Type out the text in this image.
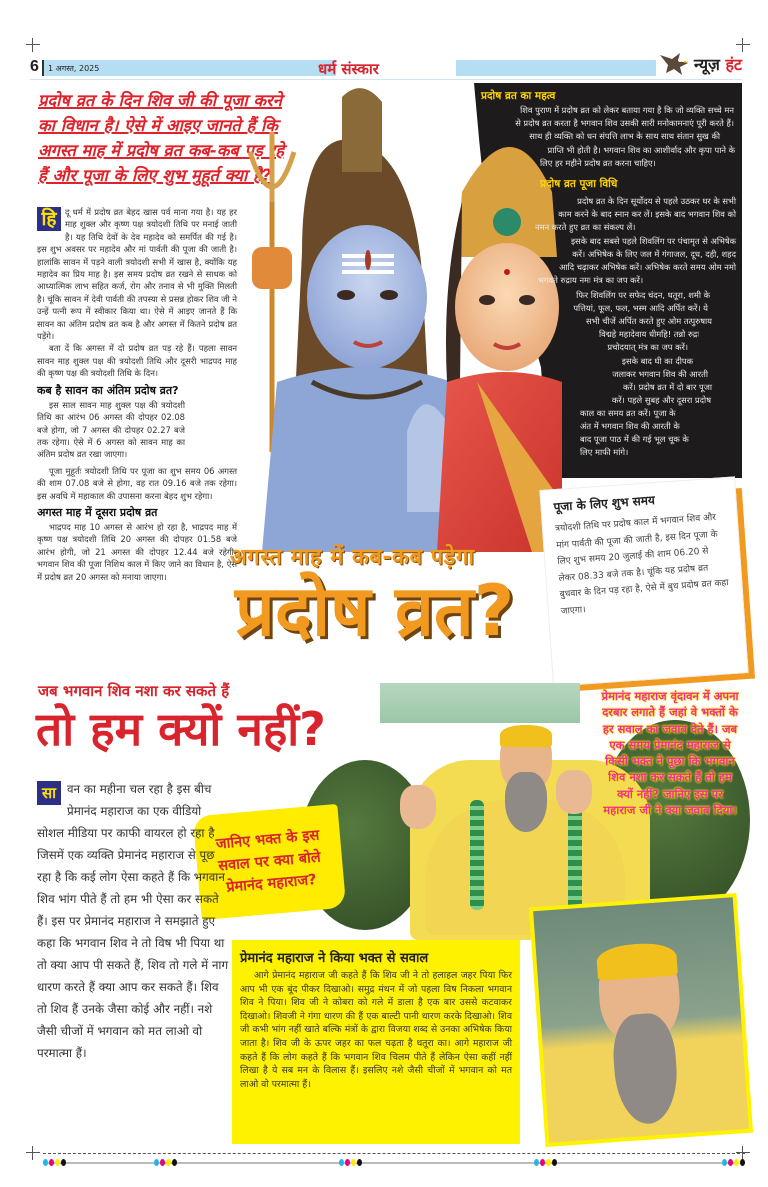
6 1 अगस्त, 2025	धर्म संस्कार	न्यूज़ हंट
प्रदोष व्रत के दिन शिव जी की पूजा करने का विधान है। ऐसे में आइए जानते हैं कि अगस्त माह में प्रदोष व्रत कब-कब पड़ रहे हैं और पूजा के लिए शुभ मुहूर्त क्या है?
प्रदोष व्रत का महत्व
शिव पुराण में प्रदोष व्रत को लेकर बताया गया है कि जो व्यक्ति सच्चे मन
से प्रदोष व्रत करता है भगवान शिव उसकी सारी मनोकामनाएं पूरी करते हैं।
साथ ही व्यक्ति को धन संपत्ति लाभ के साथ साथ संतान सुख की
प्राप्ति भी होती है। भगवान शिव का आशीर्वाद और कृपा पाने के
लिए हर महीने प्रदोष व्रत करना चाहिए।
प्रदोष व्रत पूजा विधि
प्रदोष व्रत के दिन सूर्योदय से पहले उठकर घर के सभी
काम करने के बाद स्नान कर लें। इसके बाद भगवान शिव को
नमन करते हुए व्रत का संकल्प लें।
इसके बाद सबसे पहले शिवलिंग पर पंचामृत से अभिषेक
करें। अभिषेक के लिए जल में गंगाजल, दूध, दही, शहद
आदि चढ़ाकर अभिषेक करें। अभिषेक करते समय ओम नमो
भगवते रुद्राय नमः मंत्र का जप करें।
फिर शिवलिंग पर सफेद चंदन, धतूरा, शमी के
पत्तियां, फूल, फल, भस्म आदि अर्पित करें। ये
सभी चीजें अर्पित करते हुए ओम तत्पुरुषाय
विद्महे महादेवाय धीमहि! तन्नो रुद्रः
प्रचोदयात् मंत्र का जप करें।
इसके बाद घी का दीपक
जलाकर भगवान शिव की आरती
करें। प्रदोष व्रत में दो बार पूजा
करें। पहले सुबह और दूसरा प्रदोष
काल का समय व्रत करें। पूजा के
अंत में भगवान शिव की आरती के
बाद पूजा पाठ में की गई भूल चूक के
लिए माफी मांगे।

हि	दू धर्म में प्रदोष व्रत बेहद खास पर्व माना गया है। यह हर माह शुक्ल और कृष्ण पक्ष त्रयोदशी तिथि पर मनाई जाती है। यह तिथि देवों के देव महादेव को समर्पित की गई है। इस शुभ अवसर पर महादेव और मां पार्वती की पूजा की जाती है। हालांकि सावन में पड़ने वाली त्रयोदशी सभी में खास है, क्योंकि यह महादेव का प्रिय माह है। इस समय प्रदोष व्रत रखने से साधक को आध्यात्मिक लाभ सहित कर्ज, रोग और तनाव से भी मुक्ति मिलती है। चूंकि सावन में देवी पार्वती की तपस्या से प्रसन्न होकर शिव जी ने उन्हें पत्नी रूप में स्वीकार किया था। ऐसे में आइए जानते हैं कि सावन का अंतिम प्रदोष व्रत कब है और अगस्त में कितने प्रदोष व्रत पड़ेंगे।

बता दें कि अगस्त में दो प्रदोष व्रत पड़ रहे हैं। पहला सावन सावन माह शुक्ल पक्ष की त्रयोदशी तिथि और दूसरी भाद्रपद माह की कृष्ण पक्ष की त्रयोदशी तिथि के दिन।

कब है सावन का अंतिम प्रदोष व्रत?

इस साल सावन माह शुक्ल पक्ष की त्रयोदशी तिथि का आरंभ 06 अगस्त की दोपहर 02.08 बजे होगा, जो 7 अगस्त की दोपहर 02.27 बजे तक रहेगा। ऐसे में 6 अगस्त को सावन माह का अंतिम प्रदोष व्रत रखा जाएगा।

पूजा मुहूर्तः त्रयोदशी तिथि पर पूजा का शुभ समय 06 अगस्त की शाम 07.08 बजे से होगा, वह रात 09.16 बजे तक रहेगा। इस अवधि में महाकाल की उपासना करना बेहद शुभ रहेगा।

अगस्त माह में दूसरा प्रदोष व्रत

भाद्रपद माह 10 अगस्त से आरंभ हो रहा है, भाद्रपद माह में कृष्ण पक्ष त्रयोदशी तिथि 20 अगस्त की दोपहर 01.58 बजे आरंभ होगी, जो 21 अगस्त की दोपहर 12.44 बजे रहेगी। भगवान शिव की पूजा निशिथ काल में किए जाने का विधान है, ऐसे में प्रदोष व्रत 20 अगस्त को मनाया जाएगा।

पूजा के लिए शुभ समय
त्रयोदशी तिथि पर प्रदोष काल में भगवान शिव और मांग पार्वती की पूजा की जाती है, इस दिन पूजा के लिए शुभ समय 20 जुलाई की शाम 06.20 से लेकर 08.33 बजे तक है। चूंकि यह प्रदोष व्रत बुधवार के दिन पड़ रहा है, ऐसे में बुध प्रदोष व्रत कहा जाएगा।
अगस्त माह में कब-कब पड़ेगा
प्रदोष व्रत?
जब भगवान शिव नशा कर सकते हैं
तो हम क्यों नहीं?
जानिए भक्त के इस सवाल पर क्या बोले प्रेमानंद महाराज?
प्रेमानंद महाराज वृंदावन में अपना दरबार लगाते हैं जहां वे भक्तों के हर सवाल का जवाब देते हैं। जब एक समय प्रेमानंद महाराज से किसी भक्त ने पूछा कि भगवान शिव नशा कर सकते हैं तो हम क्यों नहीं? जानिए इस पर महाराज जी ने क्या जवाब दिया।
सा वन का महीना चल रहा है इस बीच प्रेमानंद महाराज का एक वीडियो सोशल मीडिया पर काफी वायरल हो रहा है जिसमें एक व्यक्ति प्रेमानंद महाराज से पूछ रहा है कि कई लोग ऐसा कहते हैं कि भगवान शिव भांग पीते हैं तो हम भी ऐसा कर सकते हैं। इस पर प्रेमानंद महाराज ने समझाते हुए कहा कि भगवान शिव ने तो विष भी पिया था तो क्या आप पी सकते हैं, शिव तो गले में नाग धारण करते हैं क्या आप कर सकते हैं। शिव तो शिव हैं उनके जैसा कोई और नहीं। नशे जैसी चीजों में भगवान को मत लाओ वो परमात्मा हैं।
प्रेमानंद महाराज ने किया भक्त से सवाल
आगे प्रेमानंद महाराज जी कहते हैं कि शिव जी ने तो हलाहल जहर पिया फिर आप भी एक बूंद पीकर दिखाओ। समुद्र मंथन में जो पहला विष निकला भगवान शिव ने पिया। शिव जी ने कोबरा को गले में डाला है एक बार उससे कटवाकर दिखाओ। शिवजी ने गंगा धारण की हैं एक बाल्टी पानी धारण करके दिखाओ। शिव जी कभी भांग नहीं खाते बल्कि मंत्रों के द्वारा विजया शब्द से उनका अभिषेक किया जाता है। शिव जी के ऊपर जहर का फल चढ़ता है धतूरा का। आगे महाराज जी कहते हैं कि लोग कहते हैं कि भगवान शिव चिलम पीते हैं लेकिन ऐसा कहीं नहीं लिखा है ये सब मन के विलास हैं। इसलिए नशे जैसी चीजों में भगवान को मत लाओ वो परमात्मा हैं।
